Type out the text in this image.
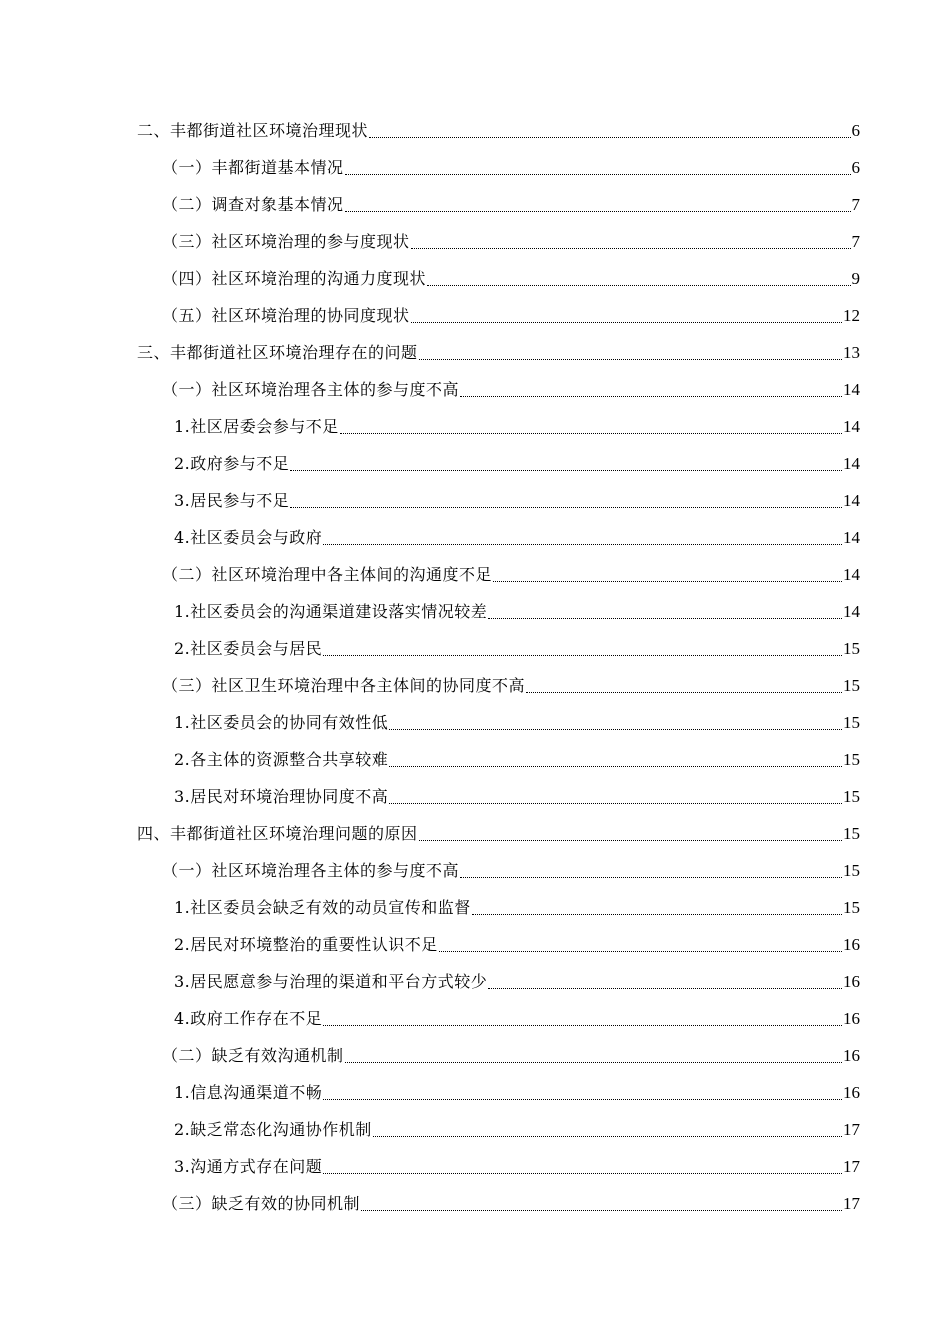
二、丰都街道社区环境治理现状	6
（一）丰都街道基本情况	6
（二）调查对象基本情况	7
（三）社区环境治理的参与度现状	7
（四）社区环境治理的沟通力度现状	9
（五）社区环境治理的协同度现状	12
三、丰都街道社区环境治理存在的问题	13
（一）社区环境治理各主体的参与度不高	14
1.社区居委会参与不足	14
2.政府参与不足	14
3.居民参与不足	14
4.社区委员会与政府	14
（二）社区环境治理中各主体间的沟通度不足	14
1.社区委员会的沟通渠道建设落实情况较差	14
2.社区委员会与居民	15
（三）社区卫生环境治理中各主体间的协同度不高	15
1.社区委员会的协同有效性低	15
2.各主体的资源整合共享较难	15
3.居民对环境治理协同度不高	15
四、丰都街道社区环境治理问题的原因	15
（一）社区环境治理各主体的参与度不高	15
1.社区委员会缺乏有效的动员宣传和监督	15
2.居民对环境整治的重要性认识不足	16
3.居民愿意参与治理的渠道和平台方式较少	16
4.政府工作存在不足	16
（二）缺乏有效沟通机制	16
1.信息沟通渠道不畅	16
2.缺乏常态化沟通协作机制	17
3.沟通方式存在问题	17
（三）缺乏有效的协同机制	17
